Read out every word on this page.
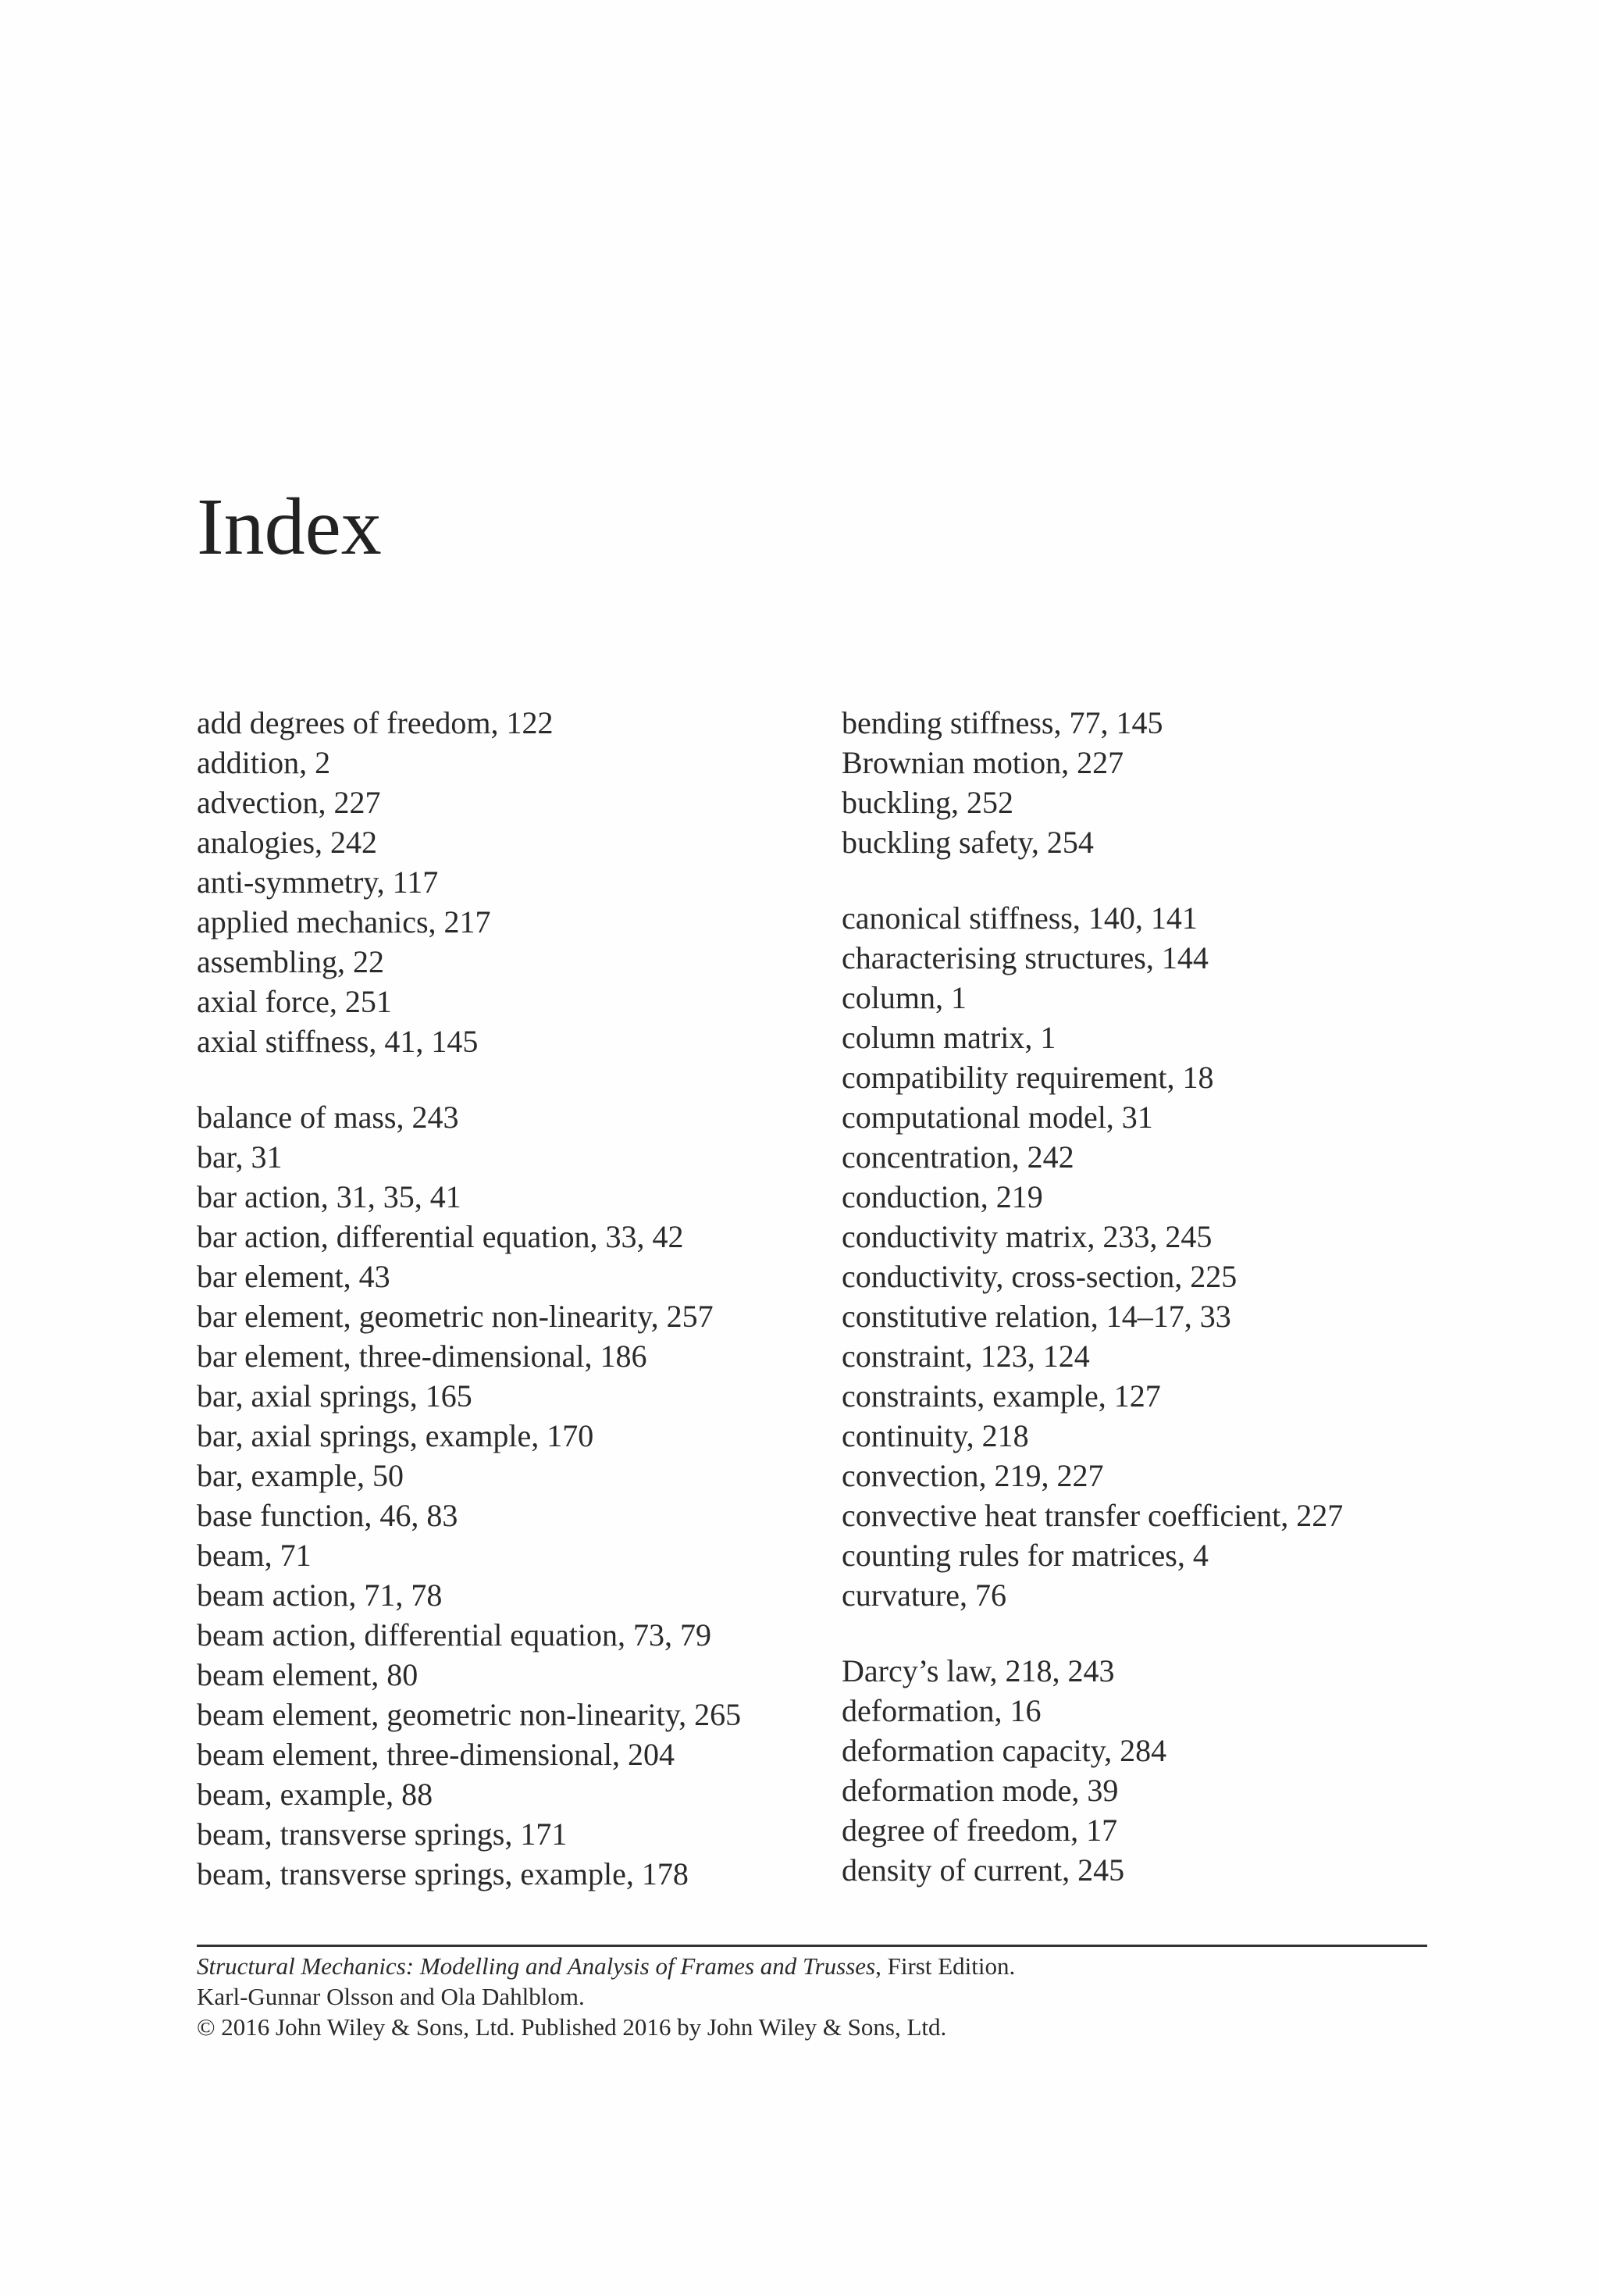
Index
add degrees of freedom, 122
addition, 2
advection, 227
analogies, 242
anti-symmetry, 117
applied mechanics, 217
assembling, 22
axial force, 251
axial stiffness, 41, 145
balance of mass, 243
bar, 31
bar action, 31, 35, 41
bar action, differential equation, 33, 42
bar element, 43
bar element, geometric non-linearity, 257
bar element, three-dimensional, 186
bar, axial springs, 165
bar, axial springs, example, 170
bar, example, 50
base function, 46, 83
beam, 71
beam action, 71, 78
beam action, differential equation, 73, 79
beam element, 80
beam element, geometric non-linearity, 265
beam element, three-dimensional, 204
beam, example, 88
beam, transverse springs, 171
beam, transverse springs, example, 178
bending stiffness, 77, 145
Brownian motion, 227
buckling, 252
buckling safety, 254
canonical stiffness, 140, 141
characterising structures, 144
column, 1
column matrix, 1
compatibility requirement, 18
computational model, 31
concentration, 242
conduction, 219
conductivity matrix, 233, 245
conductivity, cross-section, 225
constitutive relation, 14–17, 33
constraint, 123, 124
constraints, example, 127
continuity, 218
convection, 219, 227
convective heat transfer coefficient, 227
counting rules for matrices, 4
curvature, 76
Darcy’s law, 218, 243
deformation, 16
deformation capacity, 284
deformation mode, 39
degree of freedom, 17
density of current, 245
Structural Mechanics: Modelling and Analysis of Frames and Trusses, First Edition.
Karl-Gunnar Olsson and Ola Dahlblom.
© 2016 John Wiley & Sons, Ltd. Published 2016 by John Wiley & Sons, Ltd.
